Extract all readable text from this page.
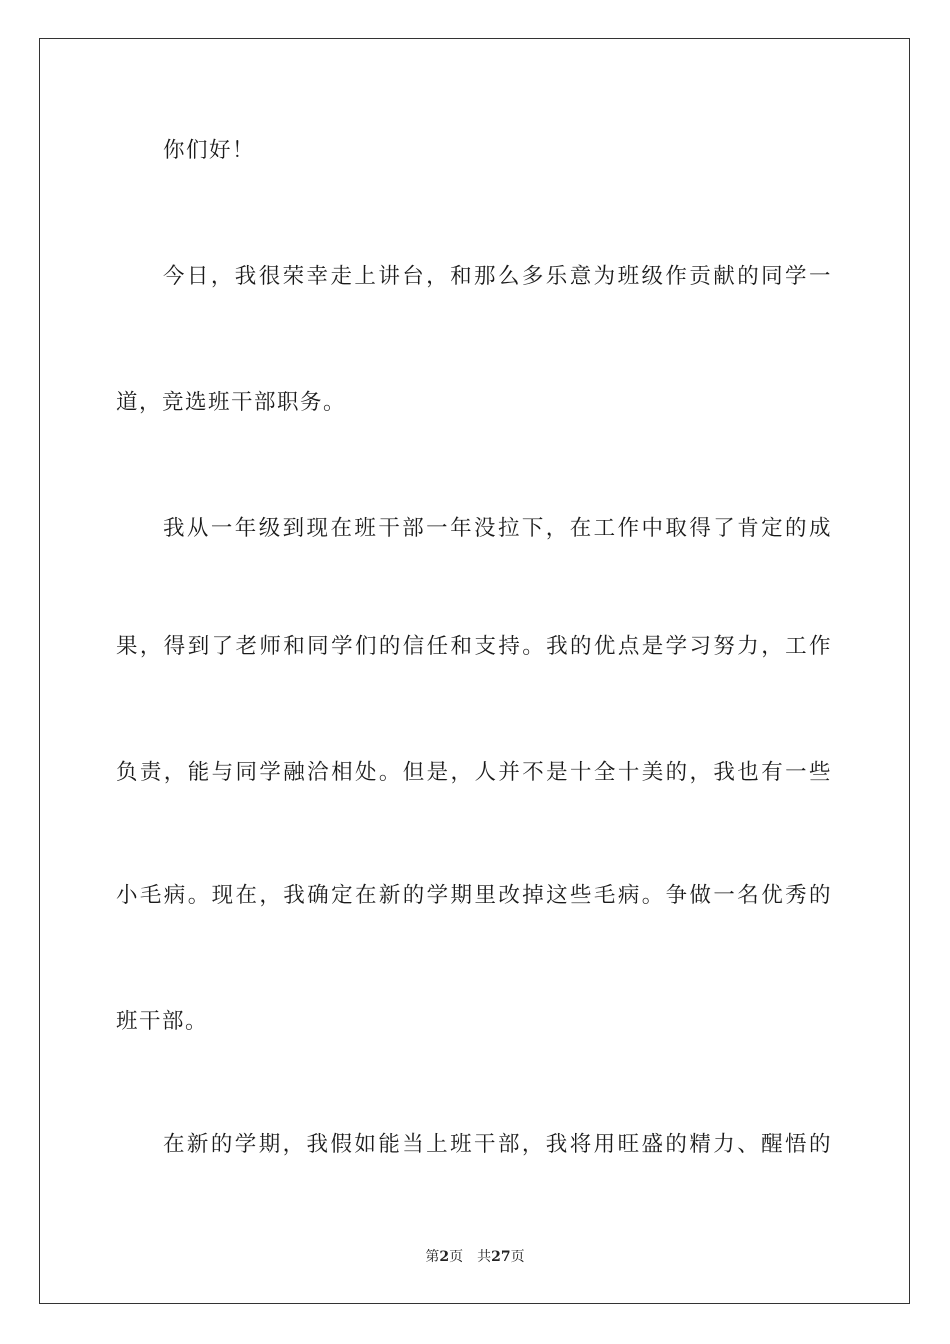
你们好！
今日，我很荣幸走上讲台，和那么多乐意为班级作贡献的同学一
道，竞选班干部职务。
我从一年级到现在班干部一年没拉下，在工作中取得了肯定的成
果，得到了老师和同学们的信任和支持。我的优点是学习努力，工作
负责，能与同学融洽相处。但是，人并不是十全十美的，我也有一些
小毛病。现在，我确定在新的学期里改掉这些毛病。争做一名优秀的
班干部。
在新的学期，我假如能当上班干部，我将用旺盛的精力、醒悟的
第2页 共27页
